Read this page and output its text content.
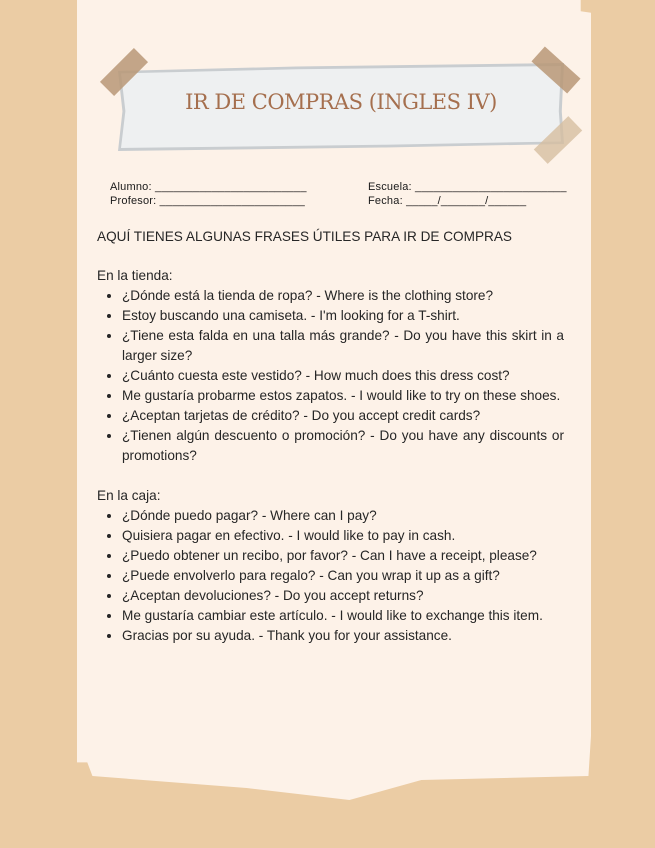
IR DE COMPRAS (INGLES IV)
Alumno: ________________________
Profesor: _______________________
Escuela: ________________________
Fecha: _____/_______/______

AQUÍ TIENES ALGUNAS FRASES ÚTILES PARA IR DE COMPRAS

En la tienda:

• ¿Dónde está la tienda de ropa? - Where is the clothing store?
• Estoy buscando una camiseta. - I'm looking for a T-shirt.
• ¿Tiene esta falda en una talla más grande? - Do you have this skirt in a larger size?
• ¿Cuánto cuesta este vestido? - How much does this dress cost?
• Me gustaría probarme estos zapatos. - I would like to try on these shoes.
• ¿Aceptan tarjetas de crédito? - Do you accept credit cards?
• ¿Tienen algún descuento o promoción? - Do you have any discounts or promotions?

En la caja:

• ¿Dónde puedo pagar? - Where can I pay?
• Quisiera pagar en efectivo. - I would like to pay in cash.
• ¿Puedo obtener un recibo, por favor? - Can I have a receipt, please?
• ¿Puede envolverlo para regalo? - Can you wrap it up as a gift?
• ¿Aceptan devoluciones? - Do you accept returns?
• Me gustaría cambiar este artículo. - I would like to exchange this item.
• Gracias por su ayuda. - Thank you for your assistance.
